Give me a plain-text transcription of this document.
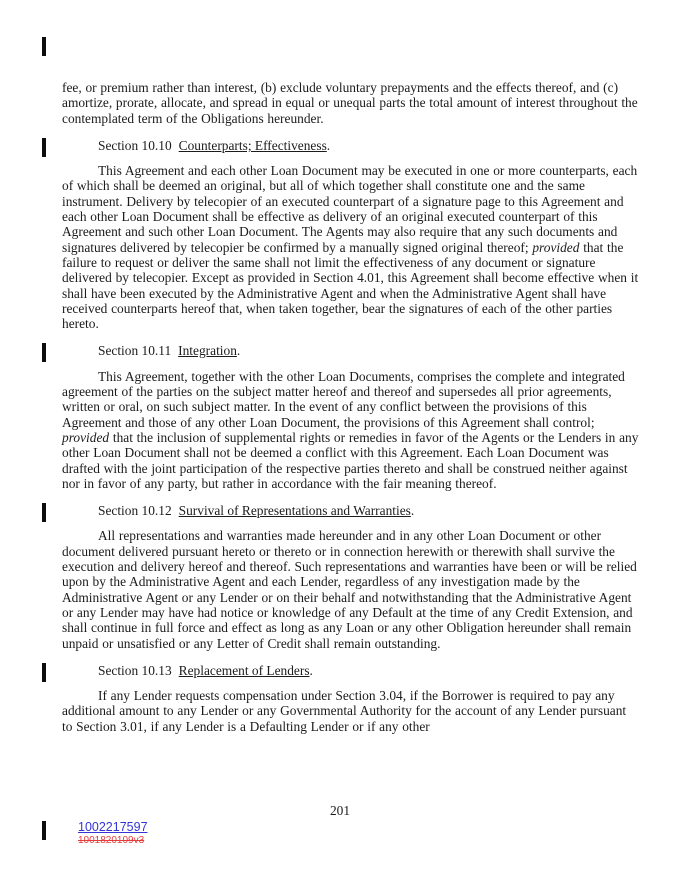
fee, or premium rather than interest, (b) exclude voluntary prepayments and the effects thereof, and (c) amortize, prorate, allocate, and spread in equal or unequal parts the total amount of interest throughout the contemplated term of the Obligations hereunder.

Section 10.10 Counterparts; Effectiveness.

This Agreement and each other Loan Document may be executed in one or more counterparts, each of which shall be deemed an original, but all of which together shall constitute one and the same instrument. Delivery by telecopier of an executed counterpart of a signature page to this Agreement and each other Loan Document shall be effective as delivery of an original executed counterpart of this Agreement and such other Loan Document. The Agents may also require that any such documents and signatures delivered by telecopier be confirmed by a manually signed original thereof; provided that the failure to request or deliver the same shall not limit the effectiveness of any document or signature delivered by telecopier. Except as provided in Section 4.01, this Agreement shall become effective when it shall have been executed by the Administrative Agent and when the Administrative Agent shall have received counterparts hereof that, when taken together, bear the signatures of each of the other parties hereto.

Section 10.11 Integration.

This Agreement, together with the other Loan Documents, comprises the complete and integrated agreement of the parties on the subject matter hereof and thereof and supersedes all prior agreements, written or oral, on such subject matter. In the event of any conflict between the provisions of this Agreement and those of any other Loan Document, the provisions of this Agreement shall control; provided that the inclusion of supplemental rights or remedies in favor of the Agents or the Lenders in any other Loan Document shall not be deemed a conflict with this Agreement. Each Loan Document was drafted with the joint participation of the respective parties thereto and shall be construed neither against nor in favor of any party, but rather in accordance with the fair meaning thereof.

Section 10.12 Survival of Representations and Warranties.

All representations and warranties made hereunder and in any other Loan Document or other document delivered pursuant hereto or thereto or in connection herewith or therewith shall survive the execution and delivery hereof and thereof. Such representations and warranties have been or will be relied upon by the Administrative Agent and each Lender, regardless of any investigation made by the Administrative Agent or any Lender or on their behalf and notwithstanding that the Administrative Agent or any Lender may have had notice or knowledge of any Default at the time of any Credit Extension, and shall continue in full force and effect as long as any Loan or any other Obligation hereunder shall remain unpaid or unsatisfied or any Letter of Credit shall remain outstanding.

Section 10.13 Replacement of Lenders.

If any Lender requests compensation under Section 3.04, if the Borrower is required to pay any additional amount to any Lender or any Governmental Authority for the account of any Lender pursuant to Section 3.01, if any Lender is a Defaulting Lender or if any other

201
1002217597
1001820109v3
